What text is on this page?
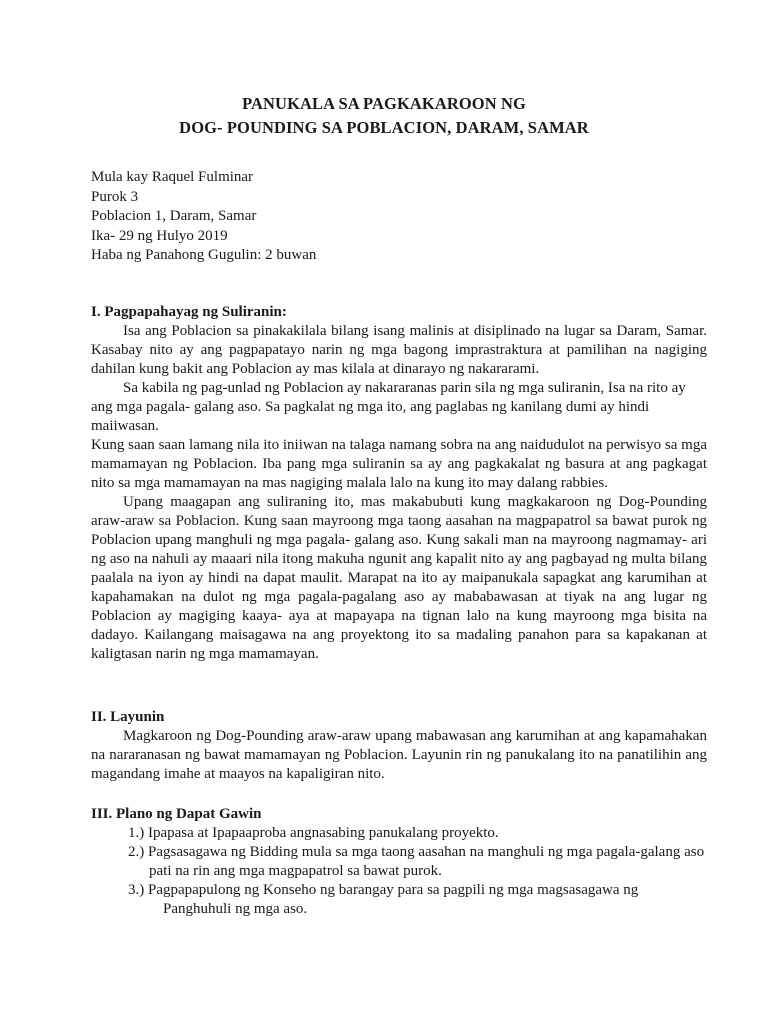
PANUKALA SA PAGKAKAROON NG
DOG- POUNDING SA POBLACION, DARAM, SAMAR
Mula kay Raquel Fulminar
Purok 3
Poblacion 1, Daram, Samar
Ika- 29 ng Hulyo 2019
Haba ng Panahong Gugulin: 2 buwan
I. Pagpapahayag ng Suliranin:
Isa ang Poblacion sa pinakakilala bilang isang malinis at disiplinado na lugar sa Daram, Samar. Kasabay nito ay ang pagpapatayo narin ng mga bagong imprastraktura at pamilihan na nagiging dahilan kung bakit ang Poblacion ay mas kilala at dinarayo ng nakararami.
Sa kabila ng pag-unlad ng Poblacion ay nakararanas parin sila ng mga suliranin, Isa na rito ay ang mga pagala- galang aso. Sa pagkalat ng mga ito, ang paglabas ng kanilang dumi ay hindi maiiwasan.
Kung saan saan lamang nila ito iniiwan na talaga namang sobra na ang naidudulot na perwisyo sa mga mamamayan ng Poblacion. Iba pang mga suliranin sa ay ang pagkakalat ng basura at ang pagkagat nito sa mga mamamayan na mas nagiging malala lalo na kung ito may dalang rabbies.
Upang maagapan ang suliraning ito, mas makabubuti kung magkakaroon ng Dog-Pounding araw-araw sa Poblacion. Kung saan mayroong mga taong aasahan na magpapatrol sa bawat purok ng Poblacion upang manghuli ng mga pagala- galang aso. Kung sakali man na mayroong nagmamay- ari ng aso na nahuli ay maaari nila itong makuha ngunit ang kapalit nito ay ang pagbayad ng multa bilang paalala na iyon ay hindi na dapat maulit. Marapat na ito ay maipanukala sapagkat ang karumihan at kapahamakan na dulot ng mga pagala-pagalang aso ay mababawasan at tiyak na ang lugar ng Poblacion ay magiging kaaya- aya at mapayapa na tignan lalo na kung mayroong mga bisita na dadayo. Kailangang maisagawa na ang proyektong ito sa madaling panahon para sa kapakanan at kaligtasan narin ng mga mamamayan.
II. Layunin
Magkaroon ng Dog-Pounding araw-araw upang mabawasan ang karumihan at ang kapamahakan na nararanasan ng bawat mamamayan ng Poblacion. Layunin rin ng panukalang ito na panatilihin ang magandang imahe at maayos na kapaligiran nito.
III. Plano ng Dapat Gawin
1.) Ipapasa at Ipapaaproba angnasabing panukalang proyekto.
2.) Pagsasagawa ng Bidding mula sa mga taong aasahan na manghuli ng mga pagala-galang aso pati na rin ang mga magpapatrol sa bawat purok.
3.) Pagpapapulong ng Konseho ng barangay para sa pagpili ng mga magsasagawa ng Panghuhuli ng mga aso.
